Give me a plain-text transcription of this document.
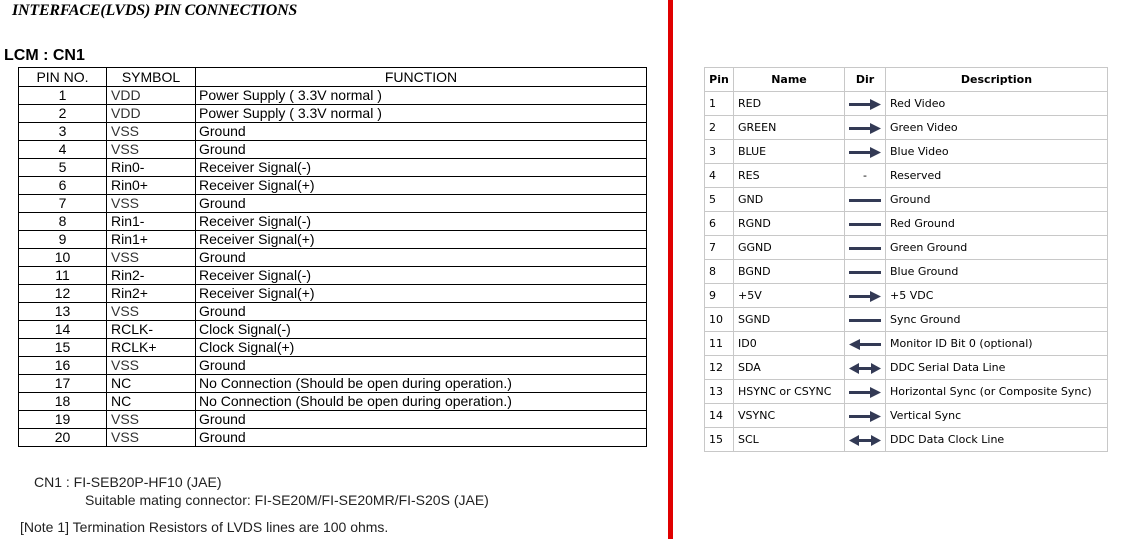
INTERFACE(LVDS) PIN CONNECTIONS
LCM : CN1
PIN NO.	SYMBOL	FUNCTION
1	VDD	Power Supply ( 3.3V normal )
2	VDD	Power Supply ( 3.3V normal )
3	VSS	Ground
4	VSS	Ground
5	Rin0-	Receiver Signal(-)
6	Rin0+	Receiver Signal(+)
7	VSS	Ground
8	Rin1-	Receiver Signal(-)
9	Rin1+	Receiver Signal(+)
10	VSS	Ground
11	Rin2-	Receiver Signal(-)
12	Rin2+	Receiver Signal(+)
13	VSS	Ground
14	RCLK-	Clock Signal(-)
15	RCLK+	Clock Signal(+)
16	VSS	Ground
17	NC	No Connection (Should be open during operation.)
18	NC	No Connection (Should be open during operation.)
19	VSS	Ground
20	VSS	Ground
CN1 : FI-SEB20P-HF10 (JAE)
Suitable mating connector: FI-SE20M/FI-SE20MR/FI-S20S (JAE)
[Note 1] Termination Resistors of LVDS lines are 100 ohms.
Pin	Name	Dir	Description
1	RED		Red Video
2	GREEN		Green Video
3	BLUE		Blue Video
4	RES	-	Reserved
5	GND		Ground
6	RGND		Red Ground
7	GGND		Green Ground
8	BGND		Blue Ground
9	+5V		+5 VDC
10	SGND		Sync Ground
11	ID0		Monitor ID Bit 0 (optional)
12	SDA		DDC Serial Data Line
13	HSYNC or CSYNC		Horizontal Sync (or Composite Sync)
14	VSYNC		Vertical Sync
15	SCL		DDC Data Clock Line
